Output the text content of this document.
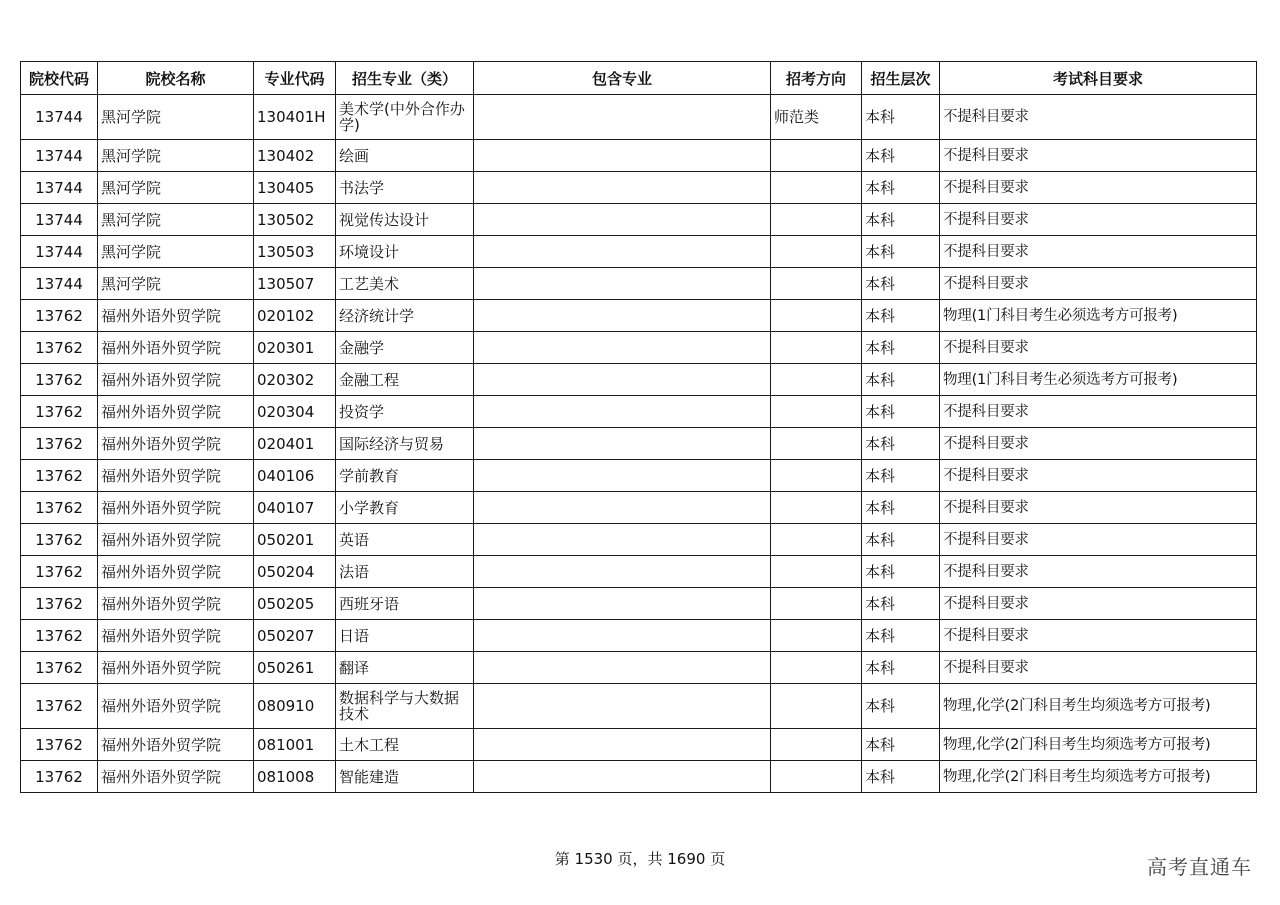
院校代码	院校名称	专业代码	招生专业（类）	包含专业	招考方向	招生层次	考试科目要求
13744	黑河学院	130401H	美术学(中外合作办学)		师范类	本科	不提科目要求
13744	黑河学院	130402	绘画			本科	不提科目要求
13744	黑河学院	130405	书法学			本科	不提科目要求
13744	黑河学院	130502	视觉传达设计			本科	不提科目要求
13744	黑河学院	130503	环境设计			本科	不提科目要求
13744	黑河学院	130507	工艺美术			本科	不提科目要求
13762	福州外语外贸学院	020102	经济统计学			本科	物理(1门科目考生必须选考方可报考)
13762	福州外语外贸学院	020301	金融学			本科	不提科目要求
13762	福州外语外贸学院	020302	金融工程			本科	物理(1门科目考生必须选考方可报考)
13762	福州外语外贸学院	020304	投资学			本科	不提科目要求
13762	福州外语外贸学院	020401	国际经济与贸易			本科	不提科目要求
13762	福州外语外贸学院	040106	学前教育			本科	不提科目要求
13762	福州外语外贸学院	040107	小学教育			本科	不提科目要求
13762	福州外语外贸学院	050201	英语			本科	不提科目要求
13762	福州外语外贸学院	050204	法语			本科	不提科目要求
13762	福州外语外贸学院	050205	西班牙语			本科	不提科目要求
13762	福州外语外贸学院	050207	日语			本科	不提科目要求
13762	福州外语外贸学院	050261	翻译			本科	不提科目要求
13762	福州外语外贸学院	080910	数据科学与大数据技术			本科	物理,化学(2门科目考生均须选考方可报考)
13762	福州外语外贸学院	081001	土木工程			本科	物理,化学(2门科目考生均须选考方可报考)
13762	福州外语外贸学院	081008	智能建造			本科	物理,化学(2门科目考生均须选考方可报考)
第 1530 页，共 1690 页	高考直通车
